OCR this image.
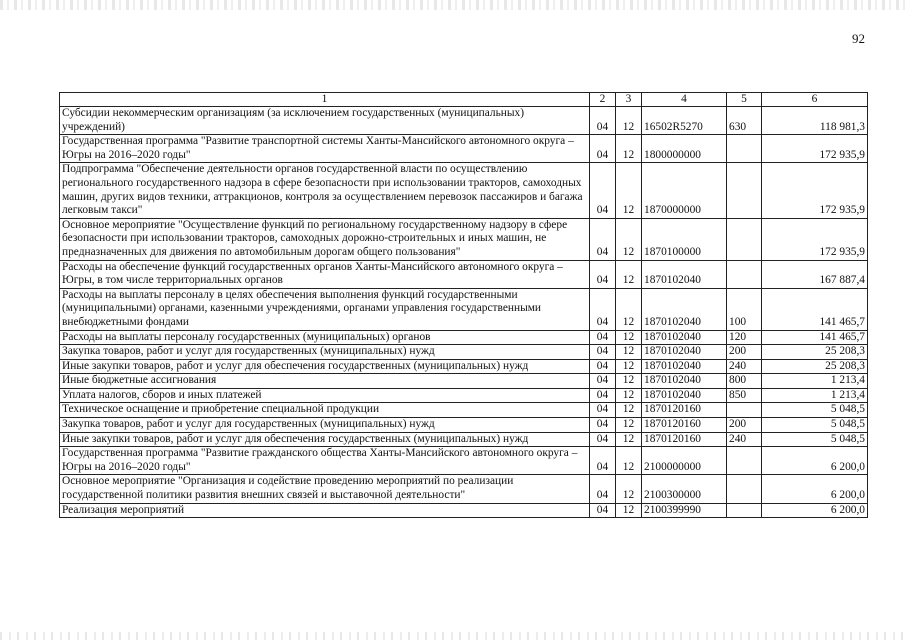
92
1	2	3	4	5	6
Субсидии некоммерческим организациям (за исключением государственных (муниципальных) учреждений)	04	12	16502R5270	630	118 981,3
Государственная программа "Развитие транспортной системы Ханты-Мансийского автономного округа – Югры на 2016–2020 годы"	04	12	1800000000		172 935,9
Подпрограмма "Обеспечение деятельности органов государственной власти по осуществлению регионального государственного надзора в сфере безопасности при использовании тракторов, самоходных машин, других видов техники, аттракционов, контроля за осуществлением перевозок пассажиров и багажа легковым такси"	04	12	1870000000		172 935,9
Основное мероприятие "Осуществление функций по региональному государственному надзору в сфере безопасности при использовании тракторов, самоходных дорожно-строительных и иных машин, не предназначенных для движения по автомобильным дорогам общего пользования"	04	12	1870100000		172 935,9
Расходы на обеспечение функций государственных органов Ханты-Мансийского автономного округа – Югры, в том числе территориальных органов	04	12	1870102040		167 887,4
Расходы на выплаты персоналу в целях обеспечения выполнения функций государственными (муниципальными) органами, казенными учреждениями, органами управления государственными внебюджетными фондами	04	12	1870102040	100	141 465,7
Расходы на выплаты персоналу государственных (муниципальных) органов	04	12	1870102040	120	141 465,7
Закупка товаров, работ и услуг для государственных (муниципальных) нужд	04	12	1870102040	200	25 208,3
Иные закупки товаров, работ и услуг для обеспечения государственных (муниципальных) нужд	04	12	1870102040	240	25 208,3
Иные бюджетные ассигнования	04	12	1870102040	800	1 213,4
Уплата налогов, сборов и иных платежей	04	12	1870102040	850	1 213,4
Техническое оснащение и приобретение специальной продукции	04	12	1870120160		5 048,5
Закупка товаров, работ и услуг для государственных (муниципальных) нужд	04	12	1870120160	200	5 048,5
Иные закупки товаров, работ и услуг для обеспечения государственных (муниципальных) нужд	04	12	1870120160	240	5 048,5
Государственная программа "Развитие гражданского общества Ханты-Мансийского автономного округа – Югры на 2016–2020 годы"	04	12	2100000000		6 200,0
Основное мероприятие "Организация и содействие проведению мероприятий по реализации государственной политики развития внешних связей и выставочной деятельности"	04	12	2100300000		6 200,0
Реализация мероприятий	04	12	2100399990		6 200,0
